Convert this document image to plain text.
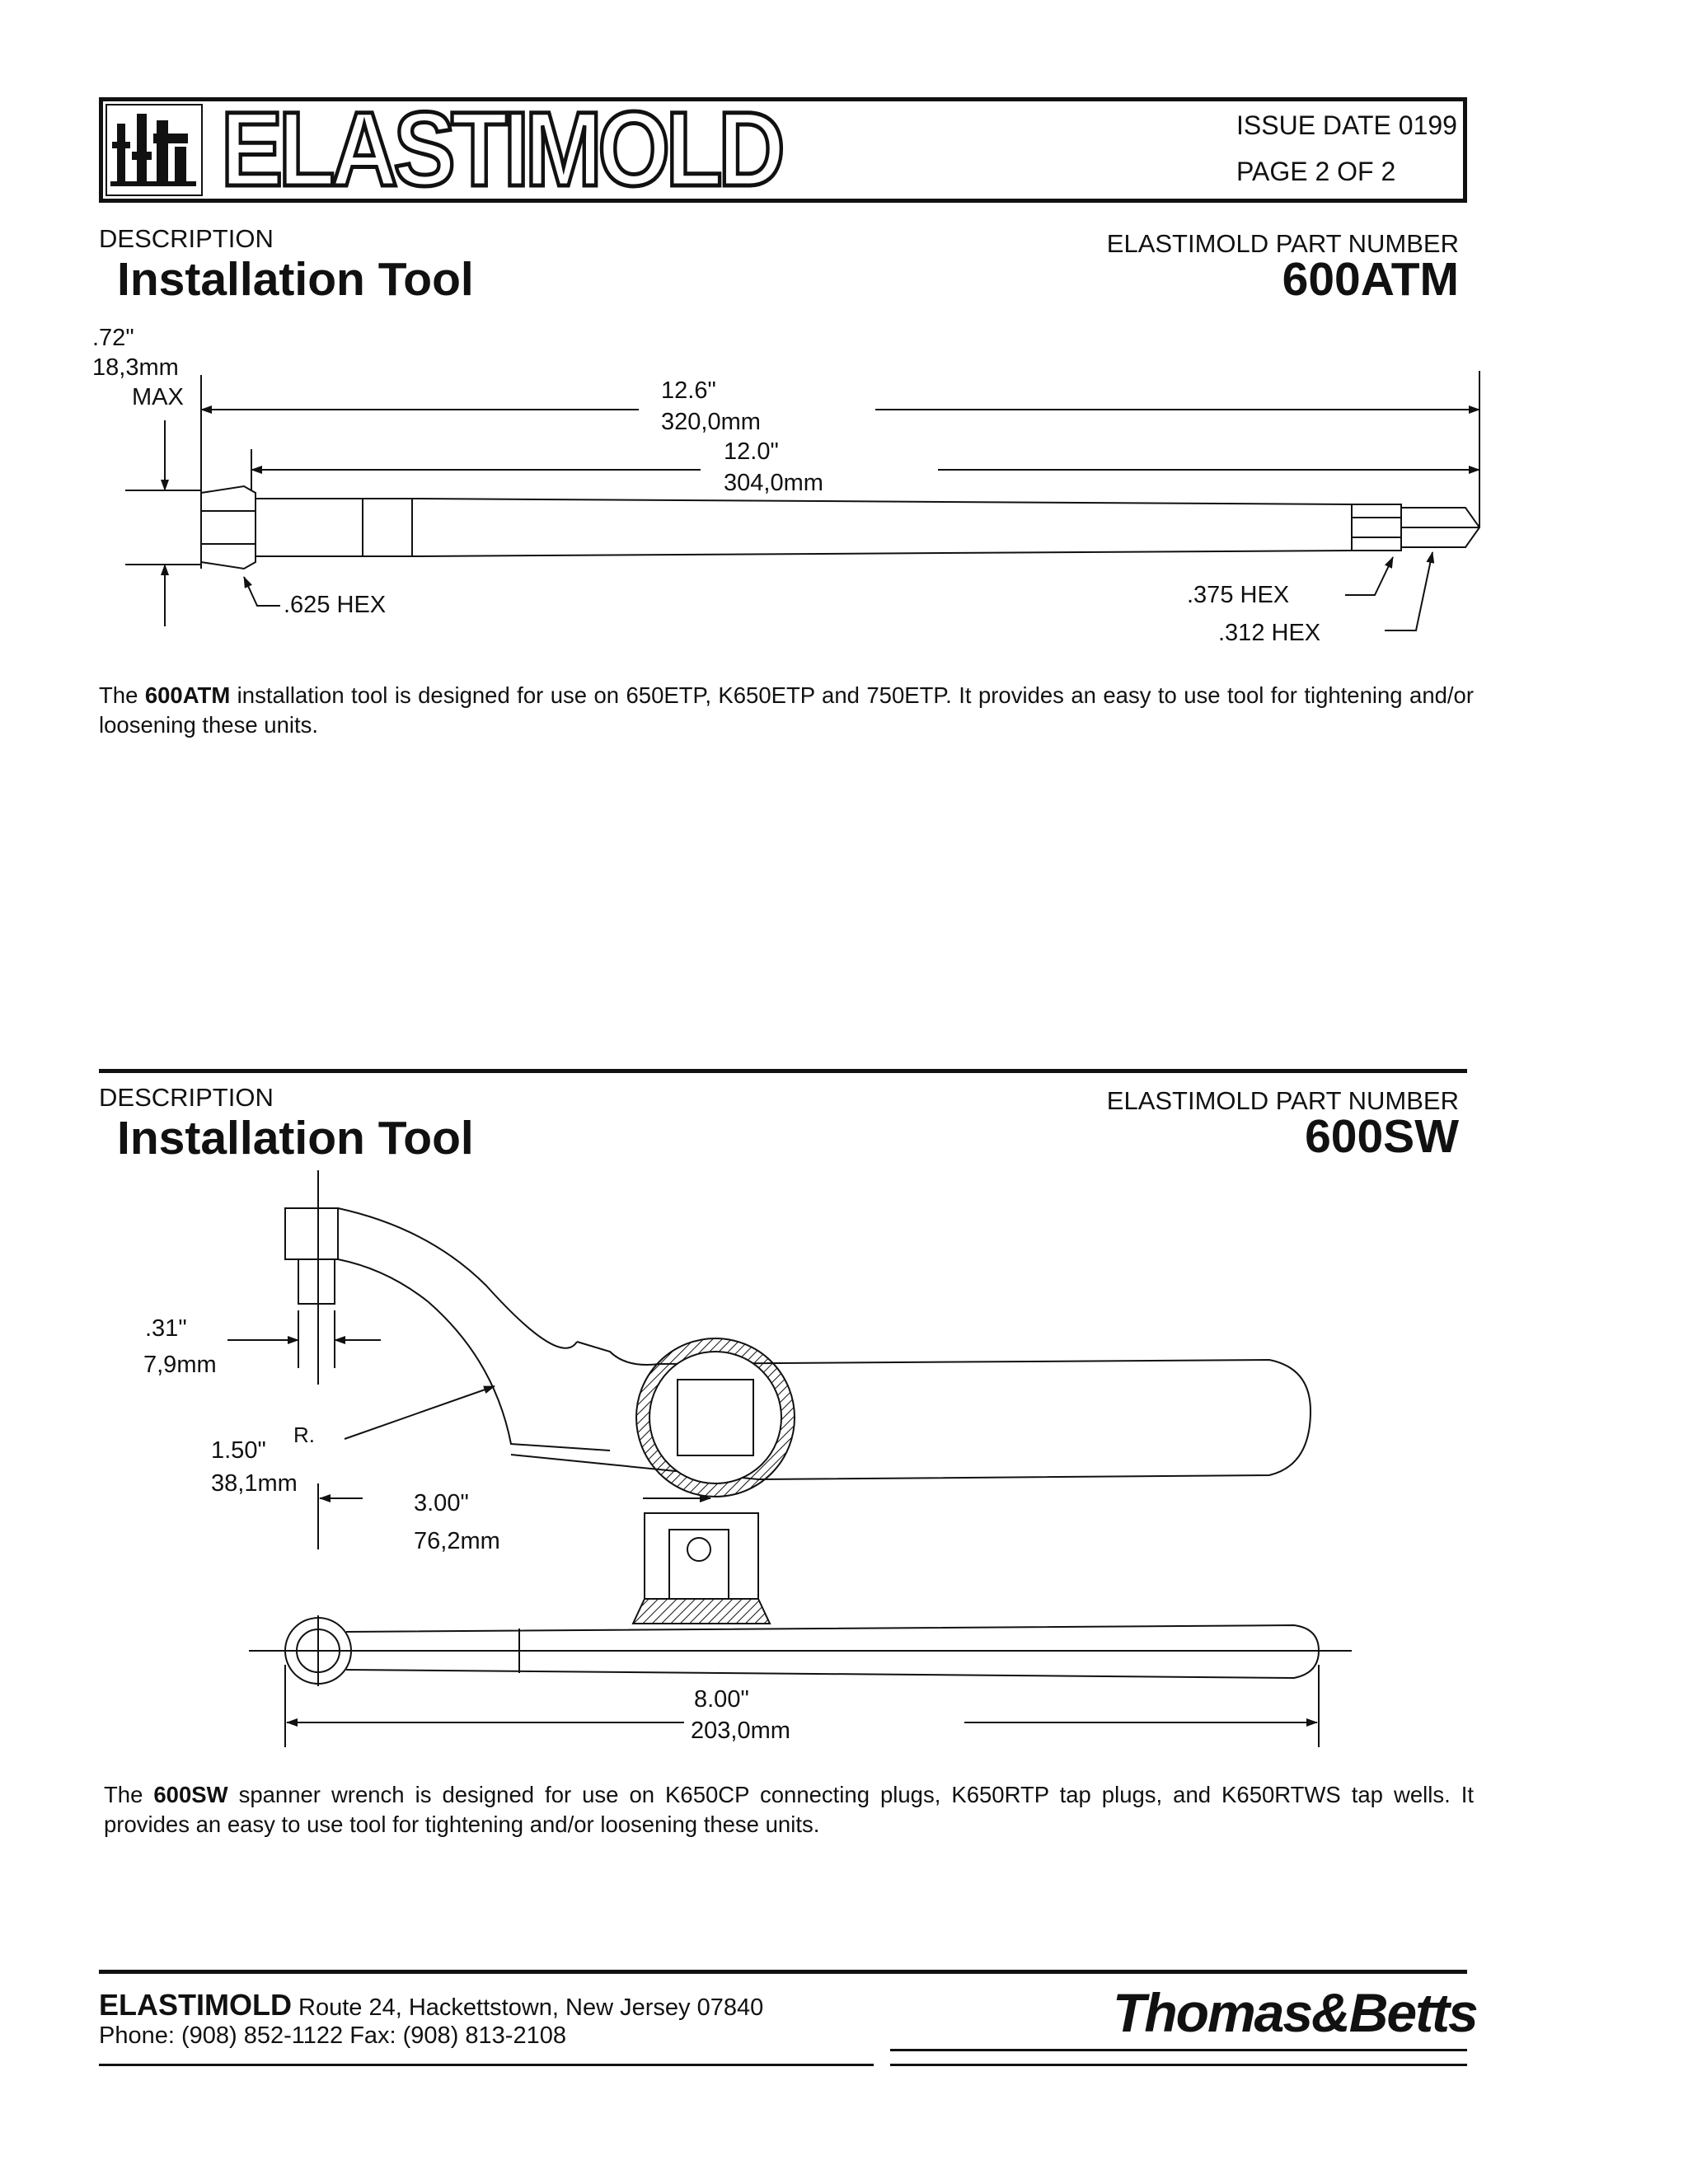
ELASTIMOLD	ISSUE DATE 0199
PAGE 2 OF 2
DESCRIPTION
Installation Tool
ELASTIMOLD PART NUMBER
600ATM
.72"
18,3mm
MAX	12.6"
320,0mm
12.0"
304,0mm
.625 HEX	.375 HEX
.312 HEX

The 600ATM installation tool is designed for use on 650ETP, K650ETP and 750ETP. It provides an easy to use tool for tightening and/or loosening these units.

DESCRIPTION
Installation Tool
ELASTIMOLD PART NUMBER
600SW
.31"
7,9mm
R.
1.50"
38,1mm
3.00"
76,2mm
8.00"
203,0mm

The 600SW spanner wrench is designed for use on K650CP connecting plugs, K650RTP tap plugs, and K650RTWS tap wells. It provides an easy to use tool for tightening and/or loosening these units.

ELASTIMOLD Route 24, Hackettstown, New Jersey 07840
Phone: (908) 852-1122 Fax: (908) 813-2108	Thomas&Betts
